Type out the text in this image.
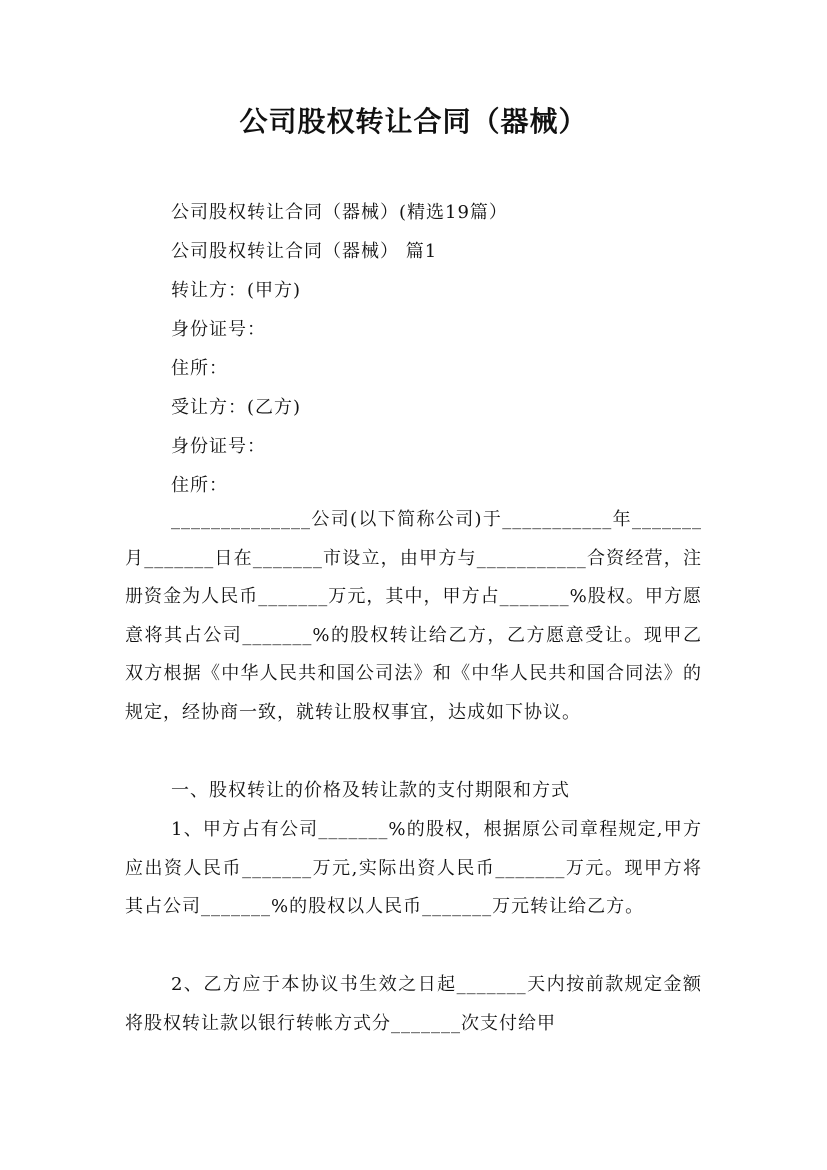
公司股权转让合同（器械）
公司股权转让合同（器械）(精选19篇）
公司股权转让合同（器械） 篇1
转让方：(甲方)
身份证号：
住所：
受让方：(乙方)
身份证号：
住所：
______________公司(以下简称公司)于___________年_______月_______日在_______市设立，由甲方与___________合资经营，注册资金为人民币_______万元，其中，甲方占_______%股权。甲方愿意将其占公司_______%的股权转让给乙方，乙方愿意受让。现甲乙双方根据《中华人民共和国公司法》和《中华人民共和国合同法》的规定，经协商一致，就转让股权事宜，达成如下协议。
一、股权转让的价格及转让款的支付期限和方式
1、甲方占有公司_______%的股权，根据原公司章程规定,甲方应出资人民币_______万元,实际出资人民币_______万元。现甲方将其占公司_______%的股权以人民币_______万元转让给乙方。
2、乙方应于本协议书生效之日起_______天内按前款规定金额将股权转让款以银行转帐方式分_______次支付给甲
